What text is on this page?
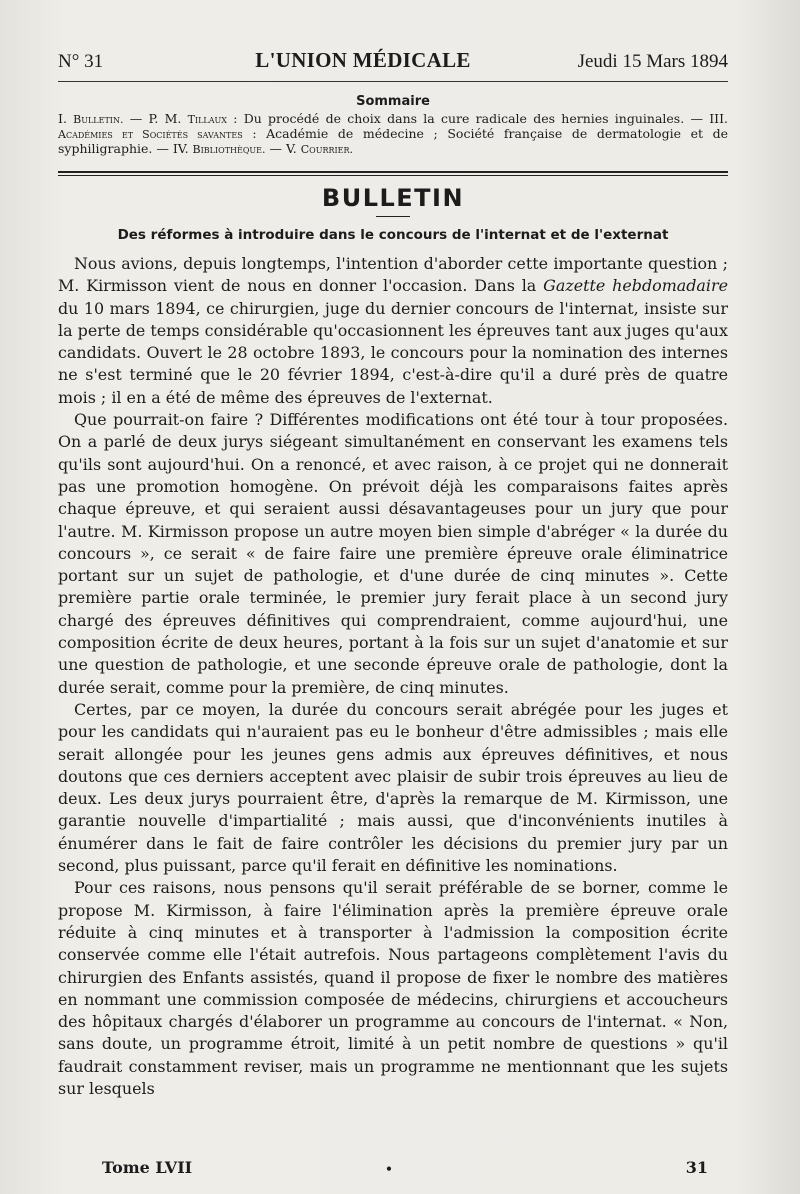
N° 31	L'UNION MÉDICALE	Jeudi 15 Mars 1894
Sommaire
I. Bulletin. — P. M. Tillaux : Du procédé de choix dans la cure radicale des hernies inguinales. — III. Académies et Sociétés savantes : Académie de médecine ; Société française de dermatologie et de syphiligraphie. — IV. Bibliothèque. — V. Courrier.
BULLETIN
Des réformes à introduire dans le concours de l'internat et de l'externat

Nous avions, depuis longtemps, l'intention d'aborder cette importante question ; M. Kirmisson vient de nous en donner l'occasion. Dans la Gazette hebdomadaire du 10 mars 1894, ce chirurgien, juge du dernier concours de l'internat, insiste sur la perte de temps considérable qu'occasionnent les épreuves tant aux juges qu'aux candidats. Ouvert le 28 octobre 1893, le concours pour la nomination des internes ne s'est terminé que le 20 février 1894, c'est-à-dire qu'il a duré près de quatre mois ; il en a été de même des épreuves de l'externat.

Que pourrait-on faire ? Différentes modifications ont été tour à tour proposées. On a parlé de deux jurys siégeant simultanément en conservant les examens tels qu'ils sont aujourd'hui. On a renoncé, et avec raison, à ce projet qui ne donnerait pas une promotion homogène. On prévoit déjà les comparaisons faites après chaque épreuve, et qui seraient aussi désavantageuses pour un jury que pour l'autre. M. Kirmisson propose un autre moyen bien simple d'abréger « la durée du concours », ce serait « de faire faire une première épreuve orale éliminatrice portant sur un sujet de pathologie, et d'une durée de cinq minutes ». Cette première partie orale terminée, le premier jury ferait place à un second jury chargé des épreuves définitives qui comprendraient, comme aujourd'hui, une composition écrite de deux heures, portant à la fois sur un sujet d'anatomie et sur une question de pathologie, et une seconde épreuve orale de pathologie, dont la durée serait, comme pour la première, de cinq minutes.

Certes, par ce moyen, la durée du concours serait abrégée pour les juges et pour les candidats qui n'auraient pas eu le bonheur d'être admissibles ; mais elle serait allongée pour les jeunes gens admis aux épreuves définitives, et nous doutons que ces derniers acceptent avec plaisir de subir trois épreuves au lieu de deux. Les deux jurys pourraient être, d'après la remarque de M. Kirmisson, une garantie nouvelle d'impartialité ; mais aussi, que d'inconvénients inutiles à énumérer dans le fait de faire contrôler les décisions du premier jury par un second, plus puissant, parce qu'il ferait en définitive les nominations.

Pour ces raisons, nous pensons qu'il serait préférable de se borner, comme le propose M. Kirmisson, à faire l'élimination après la première épreuve orale réduite à cinq minutes et à transporter à l'admission la composition écrite conservée comme elle l'était autrefois. Nous partageons complètement l'avis du chirurgien des Enfants assistés, quand il propose de fixer le nombre des matières en nommant une commission composée de médecins, chirurgiens et accoucheurs des hôpitaux chargés d'élaborer un programme au concours de l'internat. « Non, sans doute, un programme étroit, limité à un petit nombre de questions » qu'il faudrait constamment reviser, mais un programme ne mentionnant que les sujets sur lesquels

Tome LVII	•	31
